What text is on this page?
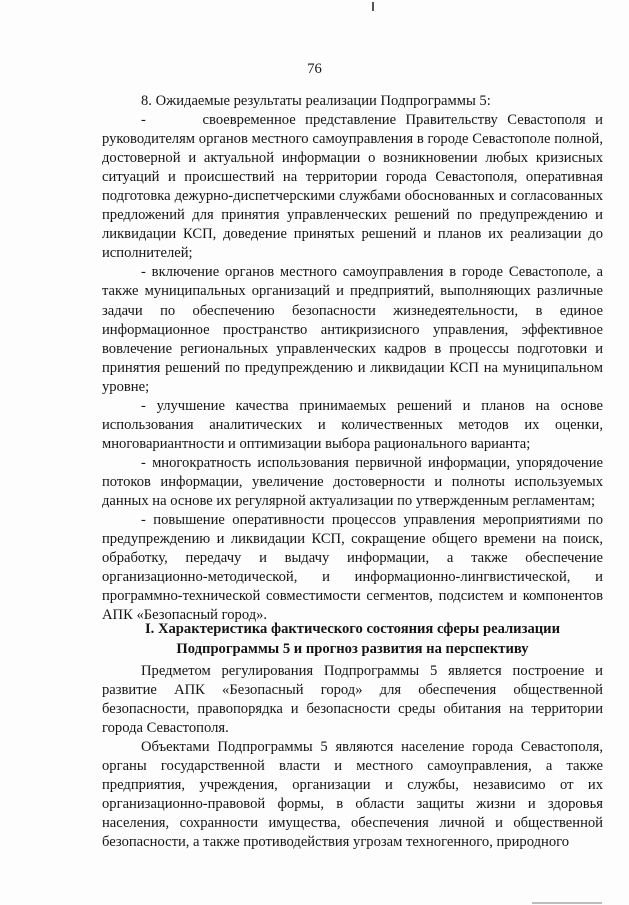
76

8. Ожидаемые результаты реализации Подпрограммы 5:

-      своевременное представление Правительству Севастополя и руководителям органов местного самоуправления в городе Севастополе полной, достоверной и актуальной информации о возникновении любых кризисных ситуаций и происшествий на территории города Севастополя, оперативная подготовка дежурно-диспетчерскими службами обоснованных и согласованных предложений для принятия управленческих решений по предупреждению и ликвидации КСП, доведение принятых решений и планов их реализации до исполнителей;

- включение органов местного самоуправления в городе Севастополе, а также муниципальных организаций и предприятий, выполняющих различные задачи по обеспечению безопасности жизнедеятельности, в единое информационное пространство антикризисного управления, эффективное вовлечение региональных управленческих кадров в процессы подготовки и принятия решений по предупреждению и ликвидации КСП на муниципальном уровне;

- улучшение качества принимаемых решений и планов на основе использования аналитических и количественных методов их оценки, многовариантности и оптимизации выбора рационального варианта;

- многократность использования первичной информации, упорядочение потоков информации, увеличение достоверности и полноты используемых данных на основе их регулярной актуализации по утвержденным регламентам;

- повышение оперативности процессов управления мероприятиями по предупреждению и ликвидации КСП, сокращение общего времени на поиск, обработку, передачу и выдачу информации, а также обеспечение организационно-методической, и информационно-лингвистической, и программно-технической совместимости сегментов, подсистем и компонентов АПК «Безопасный город».

I. Характеристика фактического состояния сферы реализации
Подпрограммы 5 и прогноз развития на перспективу

Предметом регулирования Подпрограммы 5 является построение и развитие АПК «Безопасный город» для обеспечения общественной безопасности, правопорядка и безопасности среды обитания на территории города Севастополя.

Объектами Подпрограммы 5 являются население города Севастополя, органы государственной власти и местного самоуправления, а также предприятия, учреждения, организации и службы, независимо от их организационно-правовой формы, в области защиты жизни и здоровья населения, сохранности имущества, обеспечения личной и общественной безопасности, а также противодействия угрозам техногенного, природного
